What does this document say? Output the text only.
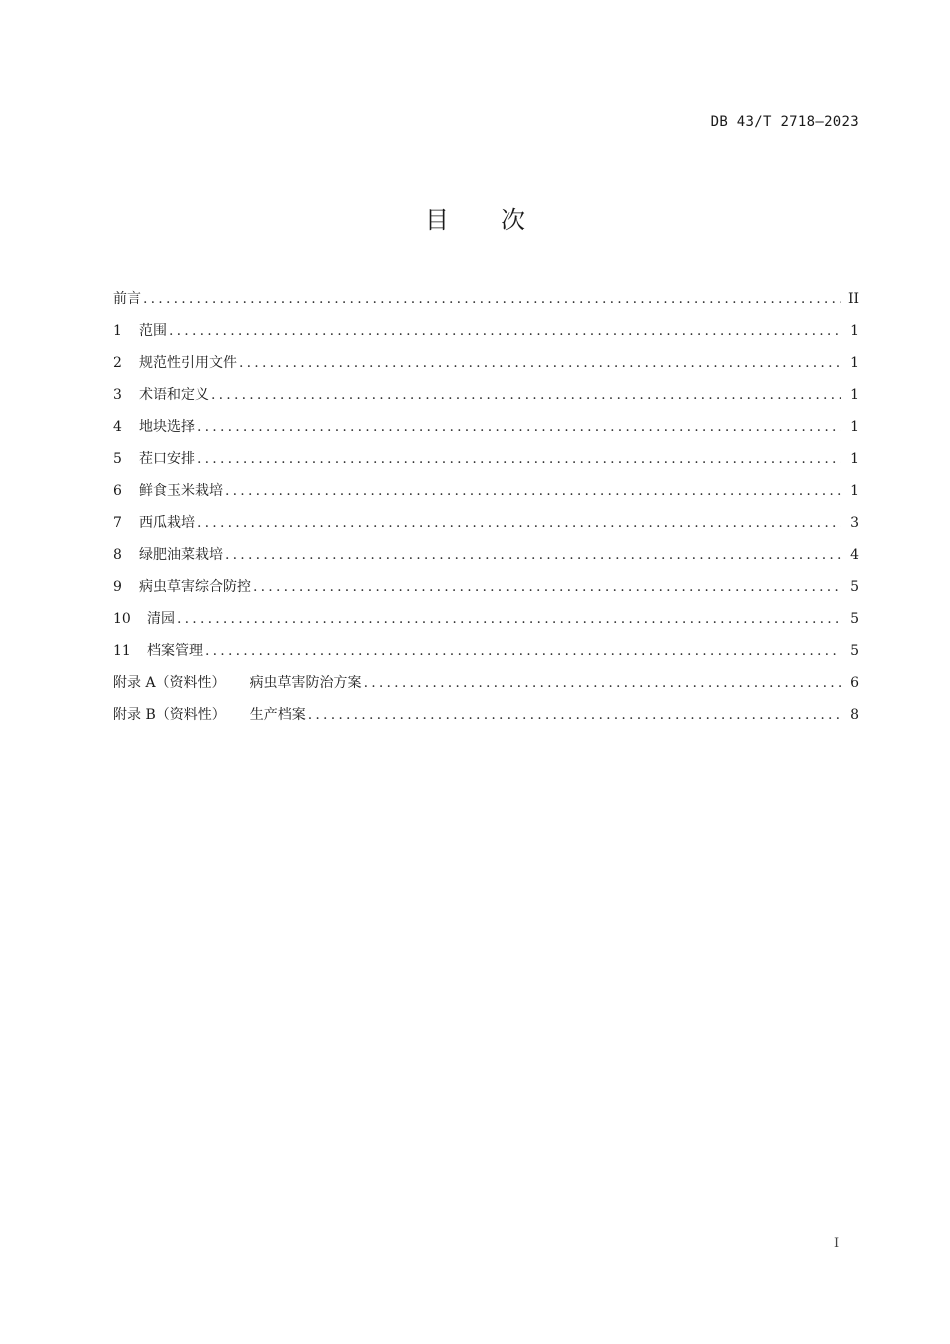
DB 43/T 2718—2023
目 次
前言 .....	II
1	范围 .....	1
2	规范性引用文件 .....	1
3	术语和定义 .....	1
4	地块选择 .....	1
5	茬口安排 .....	1
6	鲜食玉米栽培 .....	1
7	西瓜栽培 .....	3
8	绿肥油菜栽培 .....	4
9	病虫草害综合防控 .....	5
10	清园 .....	5
11	档案管理 .....	5
附录 A（资料性） 病虫草害防治方案 .....	6
附录 B（资料性） 生产档案 .....	8
I
